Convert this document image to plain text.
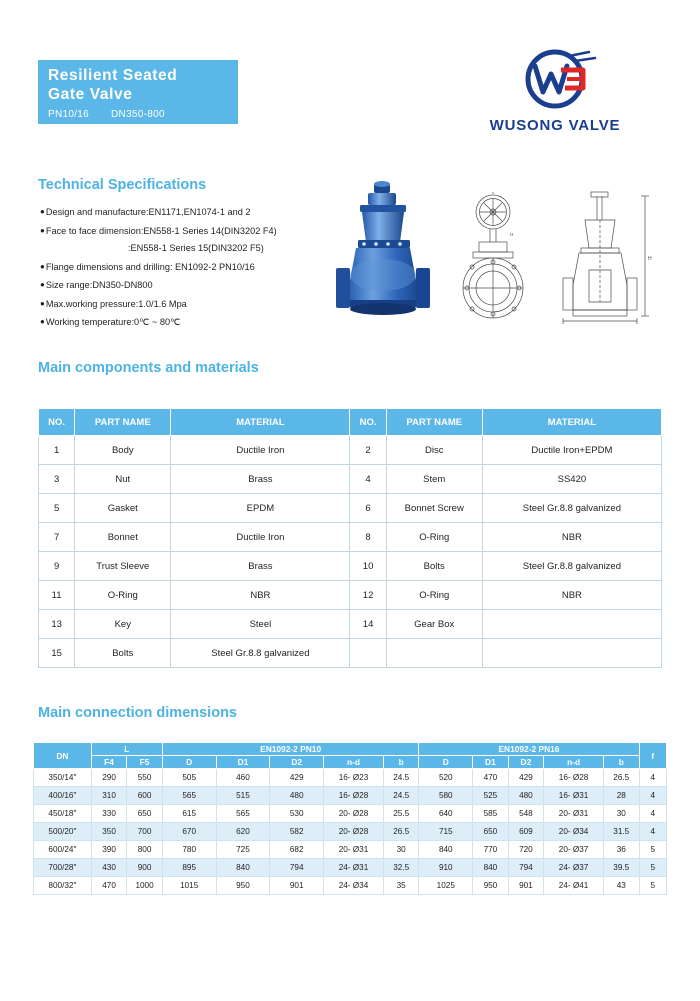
Resilient Seated
Gate Valve
PN10/16 DN350-800
WUSONG VALVE
Technical Specifications
●Design and manufacture:EN1171,EN1074-1 and 2
●Face to face dimension:EN558-1 Series 14(DIN3202 F4)
:EN558-1 Series 15(DIN3202 F5)
●Flange dimensions and drilling: EN1092-2 PN10/16
●Size range:DN350-DN800
●Max.working pressure:1.0/1.6 Mpa
●Working temperature:0℃ ~ 80℃
H
H
Main components and materials
NO.	PART NAME	MATERIAL	NO.	PART NAME	MATERIAL
1	Body	Ductile Iron	2	Disc	Ductile Iron+EPDM
3	Nut	Brass	4	Stem	SS420
5	Gasket	EPDM	6	Bonnet Screw	Steel Gr.8.8 galvanized
7	Bonnet	Ductile Iron	8	O-Ring	NBR
9	Trust Sleeve	Brass	10	Bolts	Steel Gr.8.8 galvanized
11	O-Ring	NBR	12	O-Ring	NBR
13	Key	Steel	14	Gear Box	
15	Bolts	Steel Gr.8.8 galvanized			
Main connection dimensions
DN	L		EN1092-2 PN10					EN1092-2 PN16					f
	F4	F5	D	D1	D2	n-d	b	D	D1	D2	n-d	b	
350/14"	290	550	505	460	429	16- Ø23	24.5	520	470	429	16- Ø28	26.5	4
400/16"	310	600	565	515	480	16- Ø28	24.5	580	525	480	16- Ø31	28	4
450/18"	330	650	615	565	530	20- Ø28	25.5	640	585	548	20- Ø31	30	4
500/20"	350	700	670	620	582	20- Ø28	26.5	715	650	609	20- Ø34	31.5	4
600/24"	390	800	780	725	682	20- Ø31	30	840	770	720	20- Ø37	36	5
700/28"	430	900	895	840	794	24- Ø31	32.5	910	840	794	24- Ø37	39.5	5
800/32"	470	1000	1015	950	901	24- Ø34	35	1025	950	901	24- Ø41	43	5
